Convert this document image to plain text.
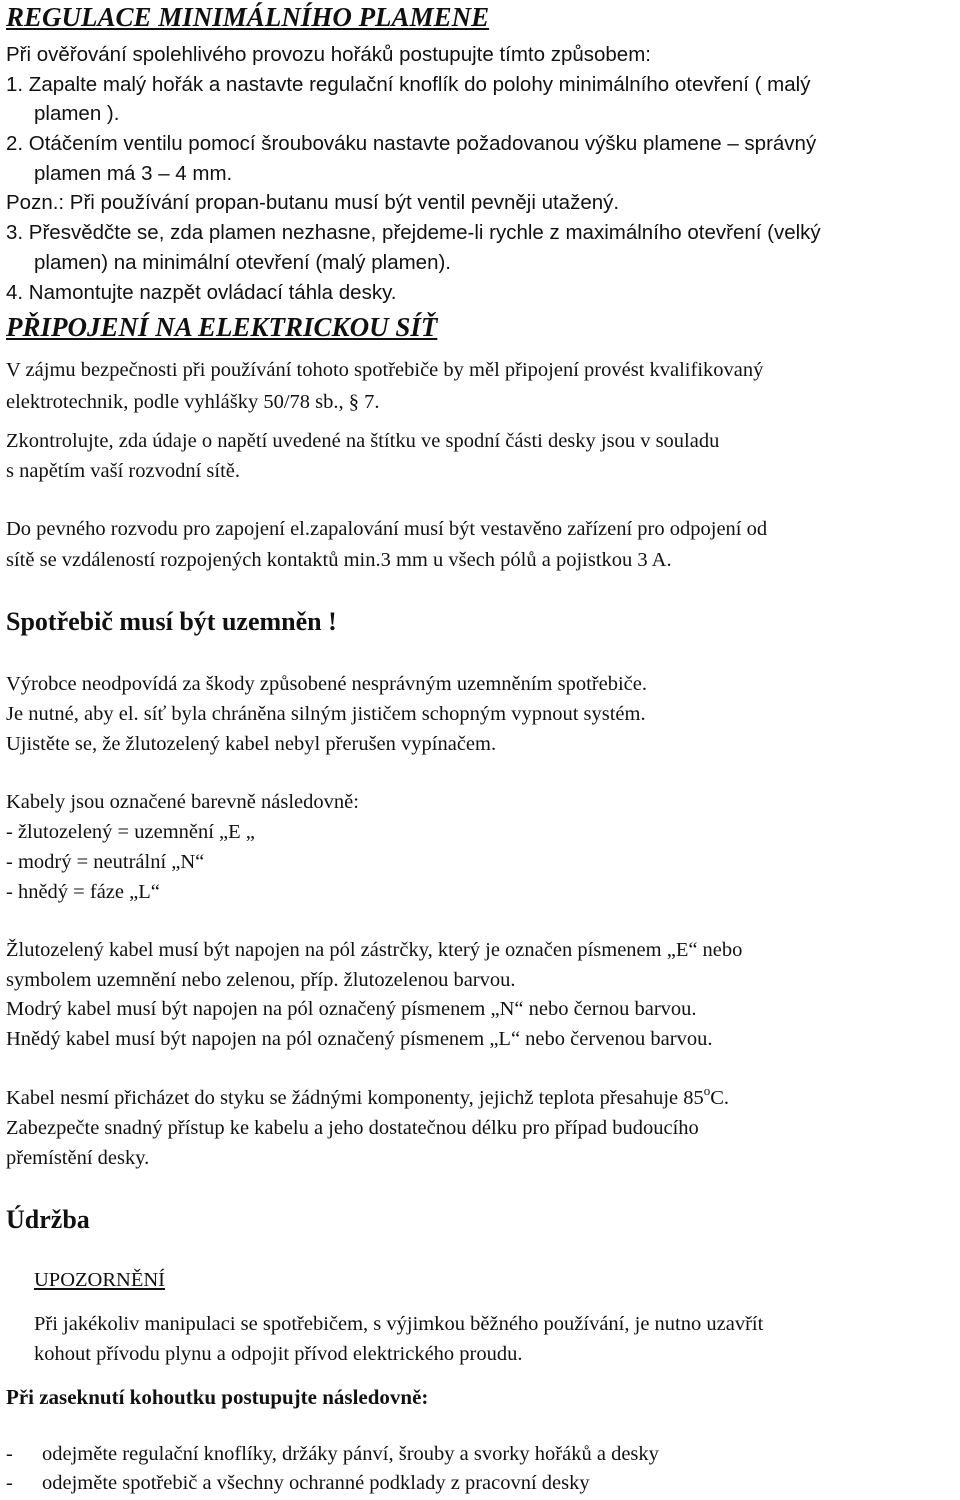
REGULACE MINIMÁLNÍHO PLAMENE
Při ověřování spolehlivého provozu hořáků postupujte tímto způsobem:
1. Zapalte malý hořák a nastavte regulační knoflík do polohy minimálního otevření ( malý
plamen ).
2. Otáčením ventilu pomocí šroubováku nastavte požadovanou výšku plamene – správný
plamen má 3 – 4 mm.
Pozn.: Při používání propan-butanu musí být ventil pevněji utažený.
3. Přesvědčte se, zda plamen nezhasne, přejdeme-li rychle z maximálního otevření (velký
plamen) na minimální otevření (malý plamen).
4. Namontujte nazpět ovládací táhla desky.
PŘIPOJENÍ NA ELEKTRICKOU SÍŤ
V zájmu bezpečnosti při používání tohoto spotřebiče by měl připojení provést kvalifikovaný
elektrotechnik, podle vyhlášky 50/78 sb., § 7.
Zkontrolujte, zda údaje o napětí uvedené na štítku ve spodní části desky jsou v souladu
s napětím vaší rozvodní sítě.
Do pevného rozvodu pro zapojení el.zapalování musí být vestavěno zařízení pro odpojení od
sítě se vzdáleností rozpojených kontaktů min.3 mm u všech pólů a pojistkou 3 A.
Spotřebič musí být uzemněn !
Výrobce neodpovídá za škody způsobené nesprávným uzemněním spotřebiče.
Je nutné, aby el. síť byla chráněna silným jističem schopným vypnout systém.
Ujistěte se, že žlutozelený kabel nebyl přerušen vypínačem.
Kabely jsou označené barevně následovně:
- žlutozelený = uzemnění „E „
- modrý = neutrální „N“
- hnědý = fáze „L“
Žlutozelený kabel musí být napojen na pól zástrčky, který je označen písmenem „E“ nebo
symbolem uzemnění nebo zelenou, příp. žlutozelenou barvou.
Modrý kabel musí být napojen na pól označený písmenem „N“ nebo černou barvou.
Hnědý kabel musí být napojen na pól označený písmenem „L“ nebo červenou barvou.
Kabel nesmí přicházet do styku se žádnými komponenty, jejichž teplota přesahuje 85$^o$C.
Zabezpečte snadný přístup ke kabelu a jeho dostatečnou délku pro případ budoucího
přemístění desky.
Údržba
UPOZORNĚNÍ
Při jakékoliv manipulaci se spotřebičem, s výjimkou běžného používání, je nutno uzavřít
kohout přívodu plynu a odpojit přívod elektrického proudu.
Při zaseknutí kohoutku postupujte následovně:
- odejměte regulační knoflíky, držáky pánví, šrouby a svorky hořáků a desky
- odejměte spotřebič a všechny ochranné podklady z pracovní desky
